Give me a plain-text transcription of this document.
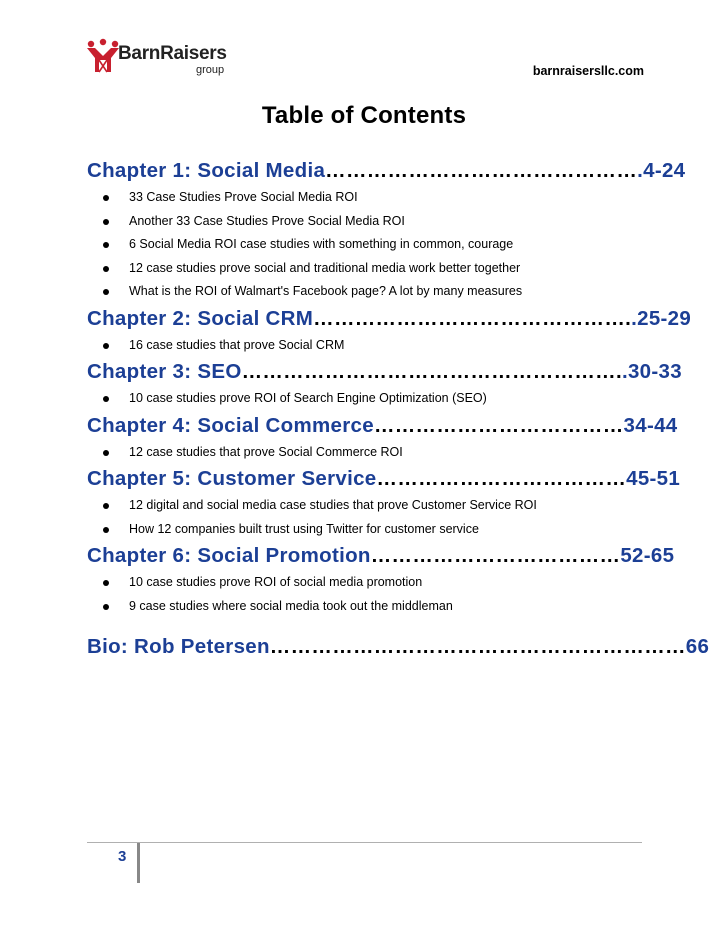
BarnRaisers
group	barnraisersllc.com
Table of Contents
Chapter 1: Social Media……………………………………….4-24
33 Case Studies Prove Social Media ROI
Another 33 Case Studies Prove Social Media ROI
6 Social Media ROI case studies with something in common, courage
12 case studies prove social and traditional media work better together
What is the ROI of Walmart's Facebook page? A lot by many measures
Chapter 2: Social CRM………………………………………..25-29
16 case studies that prove Social CRM
Chapter 3: SEO………………………………………………..30-33
10 case studies prove ROI of Search Engine Optimization (SEO)
Chapter 4: Social Commerce………………………………34-44
12 case studies that prove Social Commerce ROI
Chapter 5: Customer Service………………………………45-51
12 digital and social media case studies that prove Customer Service ROI
How 12 companies built trust using Twitter for customer service
Chapter 6: Social Promotion………………………………52-65
10 case studies prove ROI of social media promotion
9 case studies where social media took out the middleman
Bio: Rob Petersen……………………………………………………66
3
